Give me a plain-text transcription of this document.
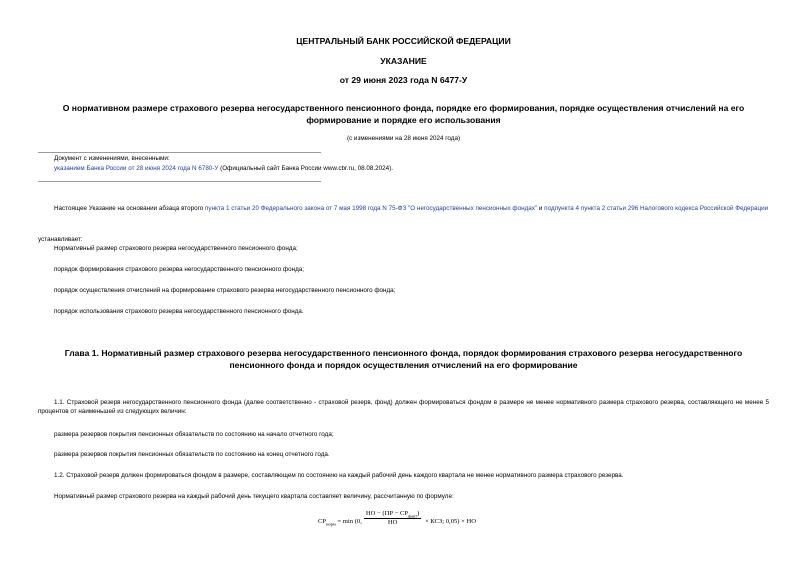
ЦЕНТРАЛЬНЫЙ БАНК РОССИЙСКОЙ ФЕДЕРАЦИИ
УКАЗАНИЕ
от 29 июня 2023 года N 6477-У
О нормативном размере страхового резерва негосударственного пенсионного фонда, порядке его формирования, порядке осуществления отчислений на его формирование и порядке его использования
(с изменениями на 28 июня 2024 года)
Документ с изменениями, внесенными:
указанием Банка России от 28 июня 2024 года N 6780-У (Официальный сайт Банка России www.cbr.ru, 08.08.2024).
Настоящее Указание на основании абзаца второго пункта 1 статьи 20 Федерального закона от 7 мая 1998 года N 75-ФЗ "О негосударственных пенсионных фондах" и подпункта 4 пункта 2 статьи 296 Налогового кодекса Российской Федерации
устанавливает:
Нормативный размер страхового резерва негосударственного пенсионного фонда;
порядок формирования страхового резерва негосударственного пенсионного фонда;
порядок осуществления отчислений на формирование страхового резерва негосударственного пенсионного фонда;
порядок использования страхового резерва негосударственного пенсионного фонда.
Глава 1. Нормативный размер страхового резерва негосударственного пенсионного фонда, порядок формирования страхового резерва негосударственного пенсионного фонда и порядок осуществления отчислений на его формирование
1.1. Страховой резерв негосударственного пенсионного фонда (далее соответственно - страховой резерв, фонд) должен формироваться фондом в размере не менее нормативного размера страхового резерва, составляющего не менее 5 процентов от наименьшей из следующих величин:
размера резервов покрытия пенсионных обязательств по состоянию на начало отчетного года;
размера резервов покрытия пенсионных обязательств по состоянию на конец отчетного года.
1.2. Страховой резерв должен формироваться фондом в размере, составляющем по состоянию на каждый рабочий день каждого квартала не менее нормативного размера страхового резерва.
Нормативный размер страхового резерва на каждый рабочий день текущего квартала составляет величину, рассчитанную по формуле:
$СР_{норм} = \min (0$,
НО − $(ПР - СР_{факт})$
НО	× КСЗ; 0,05) × НО
